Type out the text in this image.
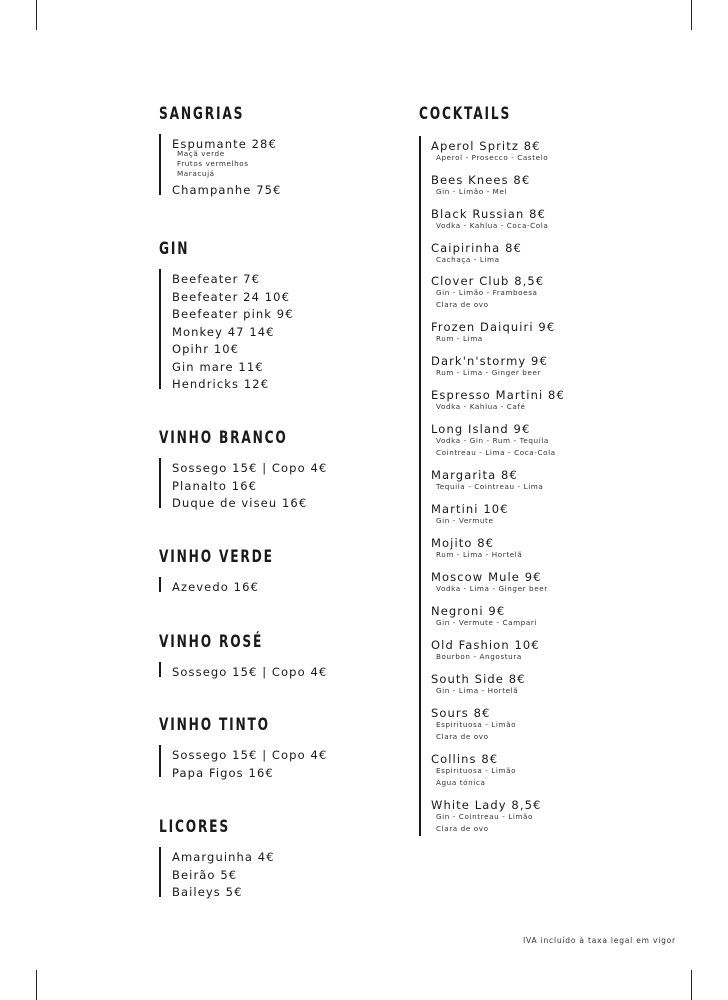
IVA incluído à taxa legal em vigor
SANGRIAS
Espumante 28€
Maçã verde
Frutos vermelhos
Maracujá
Champanhe 75€
GIN
Beefeater 7€
Beefeater 24 10€
Beefeater pink 9€
Monkey 47 14€
Opihr 10€
Gin mare 11€
Hendricks 12€
VINHO BRANCO
Sossego 15€ | Copo 4€
Planalto 16€
Duque de viseu 16€
VINHO VERDE
Azevedo 16€
VINHO ROSÉ
Sossego 15€ | Copo 4€
VINHO TINTO
Sossego 15€ | Copo 4€
Papa Figos 16€
LICORES
Amarguinha 4€
Beirão 5€
Baileys 5€
COCKTAILS
Aperol Spritz 8€
Aperol - Prosecco - Castelo
Bees Knees 8€
Gin - Limão - Mel
Black Russian 8€
Vodka - Kahlua - Coca-Cola
Caipirinha 8€
Cachaça - Lima
Clover Club 8,5€
Gin - Limão - Framboesa
Clara de ovo
Frozen Daiquiri 9€
Rum - Lima
Dark'n'stormy 9€
Rum - Lima - Ginger beer
Espresso Martini 8€
Vodka - Kahlua - Café
Long Island 9€
Vodka - Gin - Rum - Tequila
Cointreau - Lima - Coca-Cola
Margarita 8€
Tequila - Cointreau - Lima
Martini 10€
Gin - Vermute
Mojito 8€
Rum - Lima - Hortelã
Moscow Mule 9€
Vodka - Lima - Ginger beer
Negroni 9€
Gin - Vermute - Campari
Old Fashion 10€
Bourbon - Angostura
South Side 8€
Gin - Lima - Hortelã
Sours 8€
Espirituosa - Limão
Clara de ovo
Collins 8€
Espirituosa - Limão
Água tónica
White Lady 8,5€
Gin - Cointreau - Limão
Clara de ovo
